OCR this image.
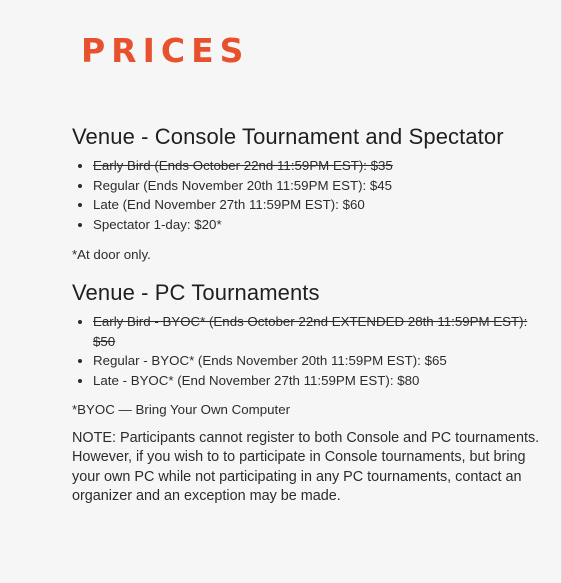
PRICES
Venue - Console Tournament and Spectator
• Early Bird (Ends October 22nd 11:59PM EST): $35
• Regular (Ends November 20th 11:59PM EST): $45
• Late (End November 27th 11:59PM EST): $60
• Spectator 1-day: $20*

*At door only.

Venue - PC Tournaments
• Early Bird - BYOC* (Ends October 22nd EXTENDED 28th 11:59PM EST): $50
• Regular - BYOC* (Ends November 20th 11:59PM EST): $65
• Late - BYOC* (End November 27th 11:59PM EST): $80

*BYOC — Bring Your Own Computer

NOTE: Participants cannot register to both Console and PC tournaments. However, if you wish to to participate in Console tournaments, but bring your own PC while not participating in any PC tournaments, contact an organizer and an exception may be made.
